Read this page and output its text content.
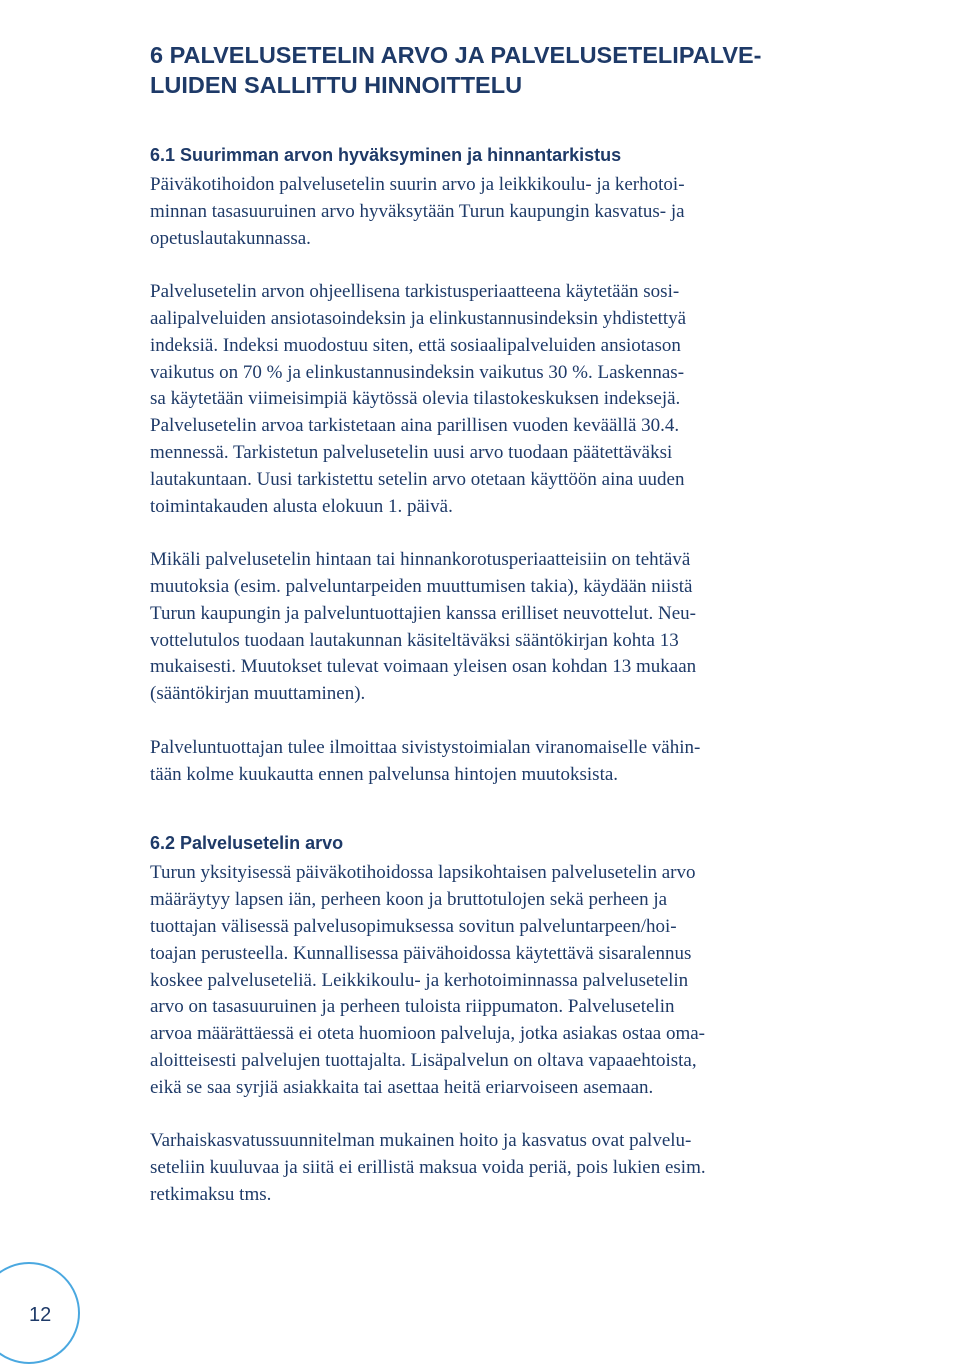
6 PALVELUSETELIN ARVO JA PALVELUSETELIPALVE-
LUIDEN SALLITTU HINNOITTELU
6.1 Suurimman arvon hyväksyminen ja hinnantarkistus

Päiväkotihoidon palvelusetelin suurin arvo ja leikkikoulu- ja kerhotoi-
minnan tasasuuruinen arvo hyväksytään Turun kaupungin kasvatus- ja
opetuslautakunnassa.

Palvelusetelin arvon ohjeellisena tarkistusperiaatteena käytetään sosi-
aalipalveluiden ansiotasoindeksin ja elinkustannusindeksin yhdistettyä
indeksiä. Indeksi muodostuu siten, että sosiaalipalveluiden ansiotason
vaikutus on 70 % ja elinkustannusindeksin vaikutus 30 %. Laskennas-
sa käytetään viimeisimpiä käytössä olevia tilastokeskuksen indeksejä.
Palvelusetelin arvoa tarkistetaan aina parillisen vuoden keväällä 30.4.
mennessä. Tarkistetun palvelusetelin uusi arvo tuodaan päätettäväksi
lautakuntaan. Uusi tarkistettu setelin arvo otetaan käyttöön aina uuden
toimintakauden alusta elokuun 1. päivä.

Mikäli palvelusetelin hintaan tai hinnankorotusperiaatteisiin on tehtävä
muutoksia (esim. palveluntarpeiden muuttumisen takia), käydään niistä
Turun kaupungin ja palveluntuottajien kanssa erilliset neuvottelut. Neu-
vottelutulos tuodaan lautakunnan käsiteltäväksi sääntökirjan kohta 13
mukaisesti. Muutokset tulevat voimaan yleisen osan kohdan 13 mukaan
(sääntökirjan muuttaminen).

Palveluntuottajan tulee ilmoittaa sivistystoimialan viranomaiselle vähin-
tään kolme kuukautta ennen palvelunsa hintojen muutoksista.

6.2 Palvelusetelin arvo

Turun yksityisessä päiväkotihoidossa lapsikohtaisen palvelusetelin arvo
määräytyy lapsen iän, perheen koon ja bruttotulojen sekä perheen ja
tuottajan välisessä palvelusopimuksessa sovitun palveluntarpeen/hoi-
toajan perusteella. Kunnallisessa päivähoidossa käytettävä sisaralennus
koskee palveluseteliä. Leikkikoulu- ja kerhotoiminnassa palvelusetelin
arvo on tasasuuruinen ja perheen tuloista riippumaton. Palvelusetelin
arvoa määrättäessä ei oteta huomioon palveluja, jotka asiakas ostaa oma-
aloitteisesti palvelujen tuottajalta. Lisäpalvelun on oltava vapaaehtoista,
eikä se saa syrjiä asiakkaita tai asettaa heitä eriarvoiseen asemaan.

Varhaiskasvatussuunnitelman mukainen hoito ja kasvatus ovat palvelu-
seteliin kuuluvaa ja siitä ei erillistä maksua voida periä, pois lukien esim.
retkimaksu tms.

12
